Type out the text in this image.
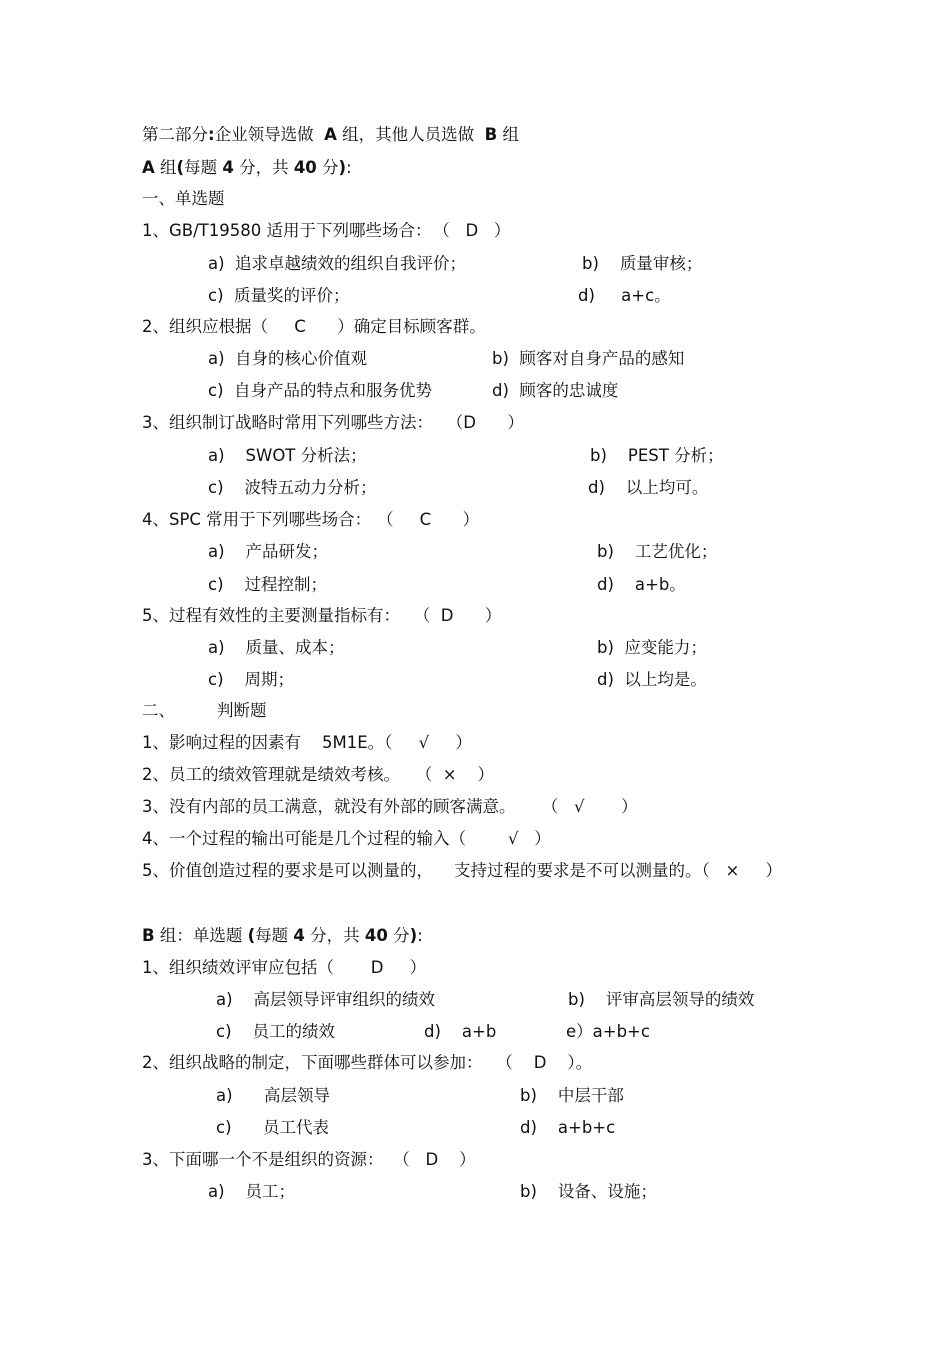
第二部分:企业领导选做 A 组，其他人员选做 B 组
A 组(每题 4 分，共 40 分):
一、单选题
1、GB/T19580 适用于下列哪些场合： （   D   ）
a)  追求卓越绩效的组织自我评价；	b)    质量审核；
c)  质量奖的评价；	d)     a+c。
2、组织应根据（     C      ）确定目标顾客群。
a)  自身的核心价值观	b)  顾客对自身产品的感知
c)  自身产品的特点和服务优势	d)  顾客的忠诚度
3、组织制订战略时常用下列哪些方法： （D      ）
a)    SWOT 分析法；	b)    PEST 分析；
c)    波特五动力分析；	d)    以上均可。
4、SPC 常用于下列哪些场合： （     C      ）
a)    产品研发；	b)    工艺优化；
c)    过程控制；	d)    a+b。
5、过程有效性的主要测量指标有： （  D      ）
a)    质量、成本；	b)  应变能力；
c)    周期；	d)  以上均是。
二、        判断题
1、影响过程的因素有    5M1E。（     √     ）
2、员工的绩效管理就是绩效考核。   （  ×    ）
3、没有内部的员工满意，就没有外部的顾客满意。     （   √       ）
4、一个过程的输出可能是几个过程的输入（        √   ）
5、价值创造过程的要求是可以测量的，    支持过程的要求是不可以测量的。（   ×     ）
B 组：单选题 (每题 4 分，共 40 分):
1、组织绩效评审应包括（       D     ）
a)    高层领导评审组织的绩效	b)    评审高层领导的绩效
c)    员工的绩效	d)    a+b	e）a+b+c
2、组织战略的制定，下面哪些群体可以参加： （    D    ）。
a)      高层领导	b)    中层干部
c)      员工代表	d)    a+b+c
3、下面哪一个不是组织的资源： （   D    ）
a)    员工；	b)    设备、设施；
